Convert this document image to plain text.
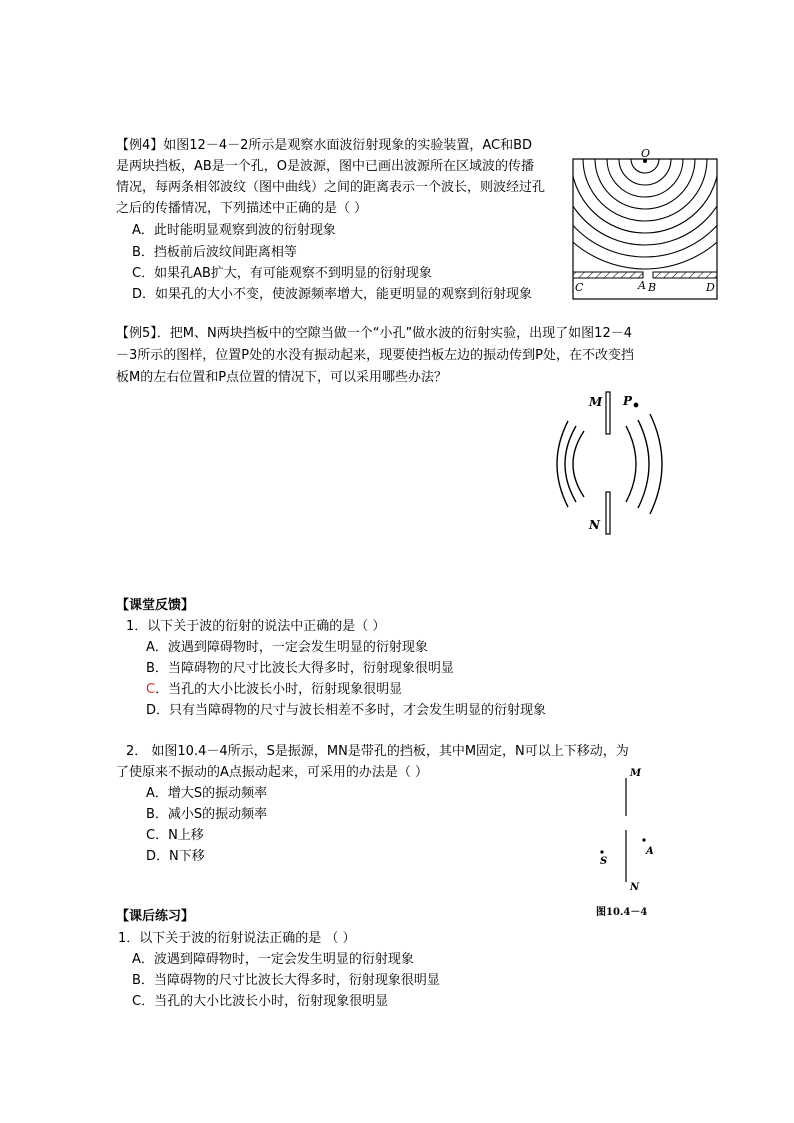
【例4】如图12－4－2所示是观察水面波衍射现象的实验装置，AC和BD
是两块挡板，AB是一个孔，O是波源，图中已画出波源所在区域波的传播
情况，每两条相邻波纹（图中曲线）之间的距离表示一个波长，则波经过孔
之后的传播情况，下列描述中正确的是（ ）
A．此时能明显观察到波的衍射现象
B．挡板前后波纹间距离相等
C．如果孔AB扩大，有可能观察不到明显的衍射现象
D．如果孔的大小不变，使波源频率增大，能更明显的观察到衍射现象
O
C	A B	D
【例5】．把M、N两块挡板中的空隙当做一个“小孔”做水波的衍射实验，出现了如图12－4
－3所示的图样，位置P处的水没有振动起来，现要使挡板左边的振动传到P处，在不改变挡
板M的左右位置和P点位置的情况下，可以采用哪些办法？
M
N
P
【课堂反馈】
1．以下关于波的衍射的说法中正确的是（ ）
A．波遇到障碍物时，一定会发生明显的衍射现象
B．当障碍物的尺寸比波长大得多时，衍射现象很明显
C．当孔的大小比波长小时，衍射现象很明显
D．只有当障碍物的尺寸与波长相差不多时，才会发生明显的衍射现象
2． 如图10.4－4所示，S是振源，MN是带孔的挡板，其中M固定，N可以上下移动，为
了使原来不振动的A点振动起来，可采用的办法是（ ）
A．增大S的振动频率
B．减小S的振动频率
C．N上移
D．N下移
M
N
S
A
图10.4－4
【课后练习】
1．以下关于波的衍射说法正确的是 （ ）
A．波遇到障碍物时，一定会发生明显的衍射现象
B．当障碍物的尺寸比波长大得多时，衍射现象很明显
C．当孔的大小比波长小时，衍射现象很明显
